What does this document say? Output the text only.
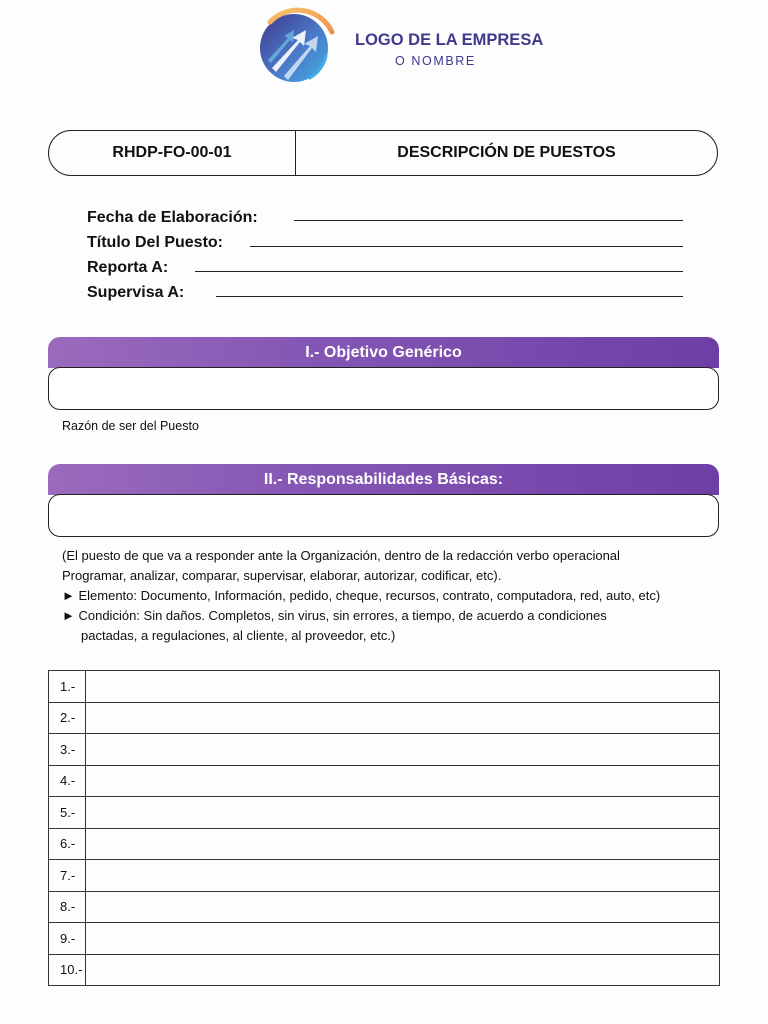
LOGO DE LA EMPRESA
O NOMBRE
RHDP-FO-00-01	DESCRIPCIÓN DE PUESTOS
Fecha de Elaboración:
Título Del Puesto:
Reporta A:
Supervisa A:
I.- Objetivo Genérico
Razón de ser del Puesto
II.- Responsabilidades Básicas:
(El puesto de que va a responder ante la Organización, dentro de la redacción verbo operacional
Programar, analizar, comparar, supervisar, elaborar, autorizar, codificar, etc).
► Elemento: Documento, Información, pedido, cheque, recursos, contrato, computadora, red, auto, etc)
► Condición: Sin daños. Completos, sin virus, sin errores, a tiempo, de acuerdo a condiciones
pactadas, a regulaciones, al cliente, al proveedor, etc.)
1.-	
2.-	
3.-	
4.-	
5.-	
6.-	
7.-	
8.-	
9.-	
10.-	
